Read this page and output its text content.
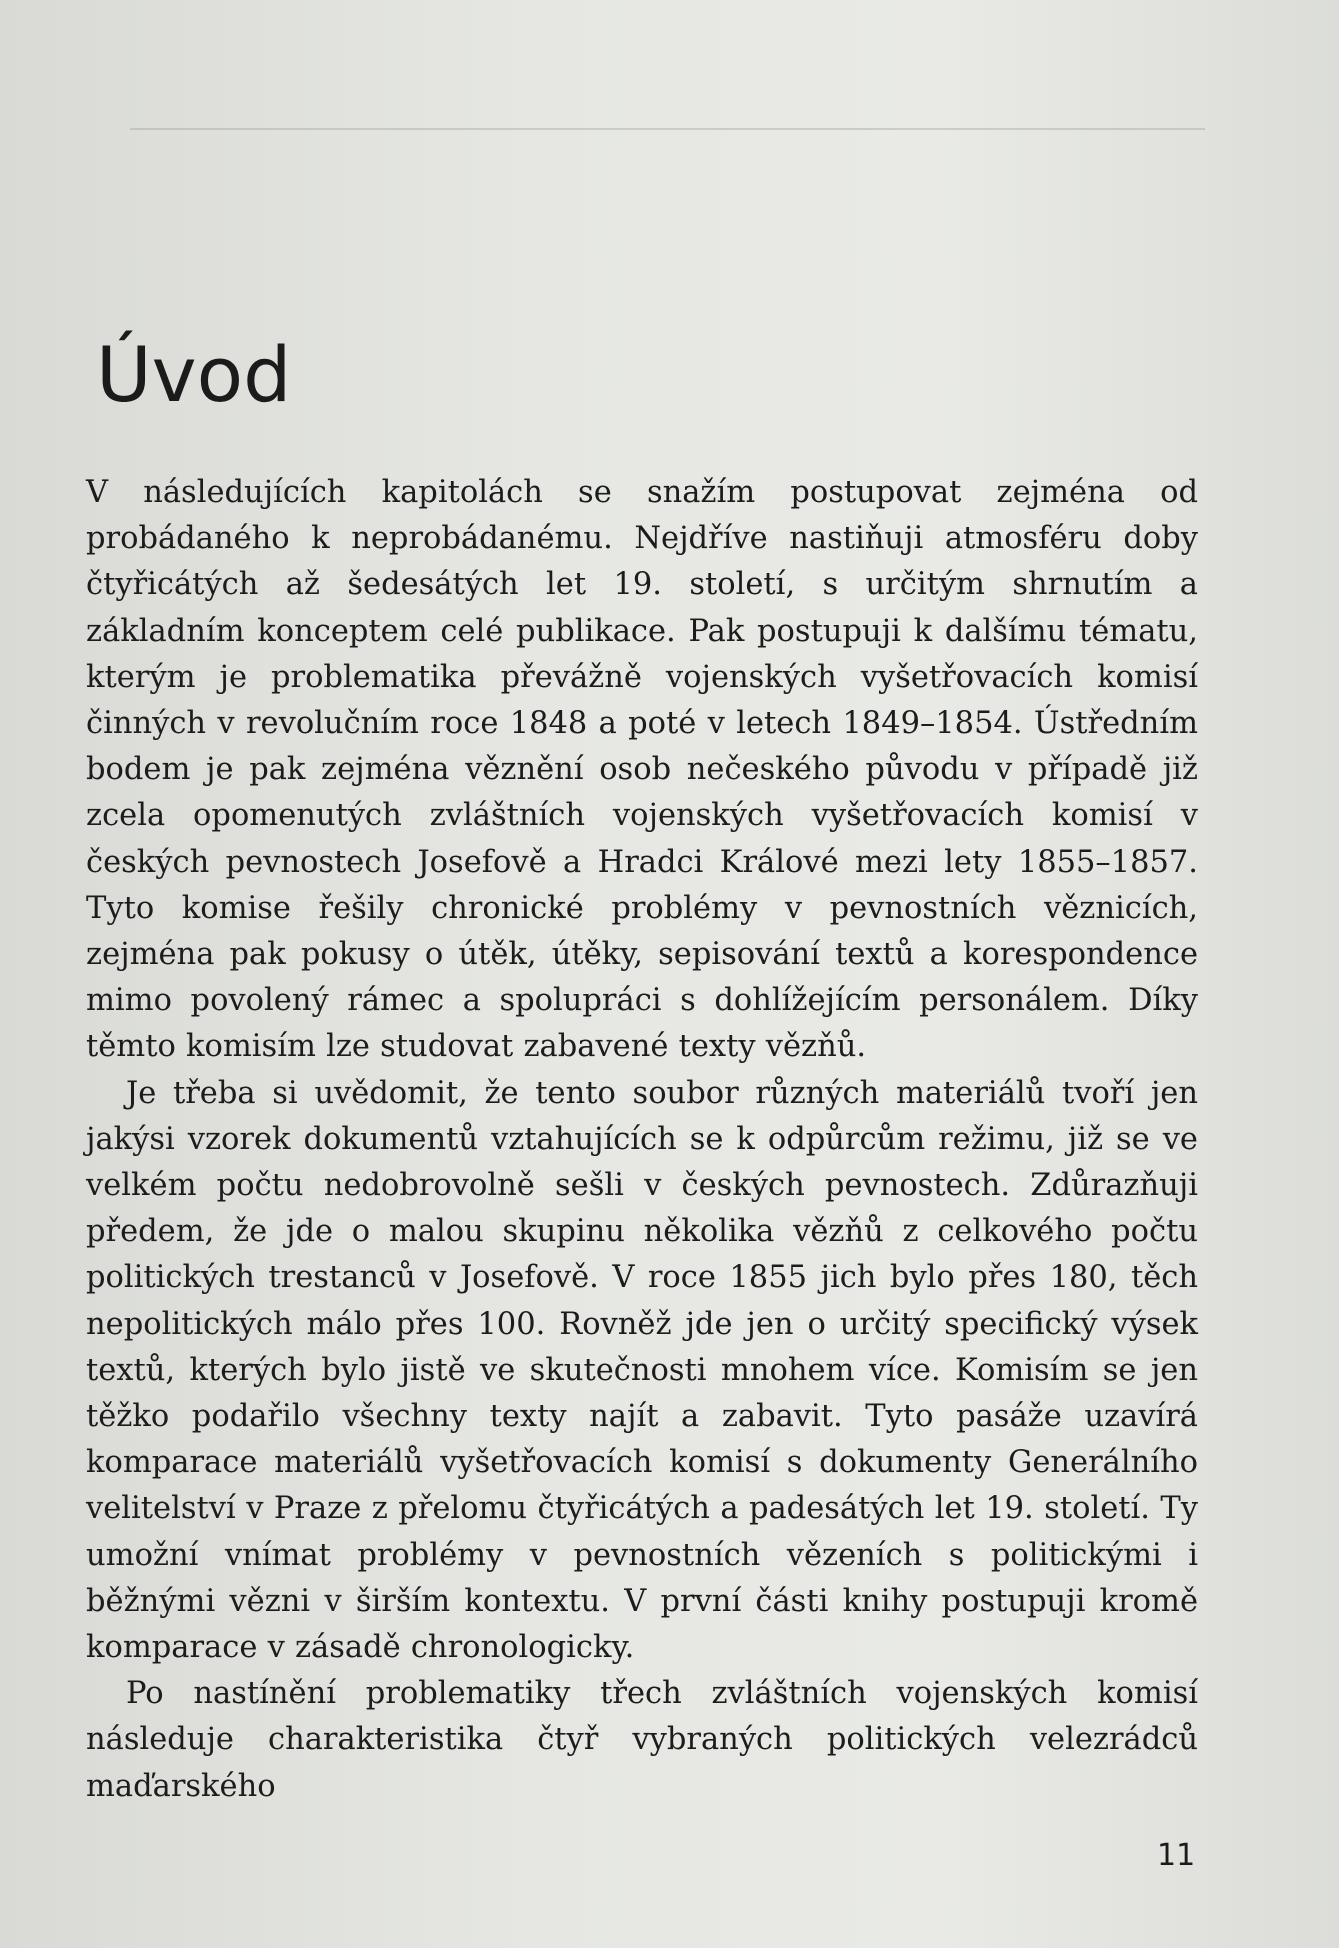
Úvod

V následujících kapitolách se snažím postupovat zejména od probádaného k neprobádanému. Nejdříve nastiňuji atmosféru doby čtyřicátých až šedesátých let 19. století, s určitým shrnutím a základním konceptem celé publikace. Pak postupuji k dalšímu tématu, kterým je problematika převážně vojenských vyšetřovacích komisí činných v revolučním roce 1848 a poté v letech 1849–1854. Ústředním bodem je pak zejména věznění osob nečeského původu v případě již zcela opomenutých zvláštních vojenských vyšetřovacích komisí v českých pevnostech Josefově a Hradci Králové mezi lety 1855–1857. Tyto komise řešily chronické problémy v pevnostních věznicích, zejména pak pokusy o útěk, útěky, sepisování textů a korespondence mimo povolený rámec a spolupráci s dohlížejícím personálem. Díky těmto komisím lze studovat zabavené texty vězňů.

Je třeba si uvědomit, že tento soubor různých materiálů tvoří jen jakýsi vzorek dokumentů vztahujících se k odpůrcům režimu, již se ve velkém počtu nedobrovolně sešli v českých pevnostech. Zdůrazňuji předem, že jde o malou skupinu několika vězňů z celkového počtu politických trestanců v Josefově. V roce 1855 jich bylo přes 180, těch nepolitických málo přes 100. Rovněž jde jen o určitý specifický výsek textů, kterých bylo jistě ve skutečnosti mnohem více. Komisím se jen těžko podařilo všechny texty najít a zabavit. Tyto pasáže uzavírá komparace materiálů vyšetřovacích komisí s dokumenty Generálního velitelství v Praze z přelomu čtyřicátých a padesátých let 19. století. Ty umožní vnímat problémy v pevnostních vězeních s politickými i běžnými vězni v širším kontextu. V první části knihy postupuji kromě komparace v zásadě chronologicky.

Po nastínění problematiky třech zvláštních vojenských komisí následuje charakteristika čtyř vybraných politických velezrádců maďarského

11
